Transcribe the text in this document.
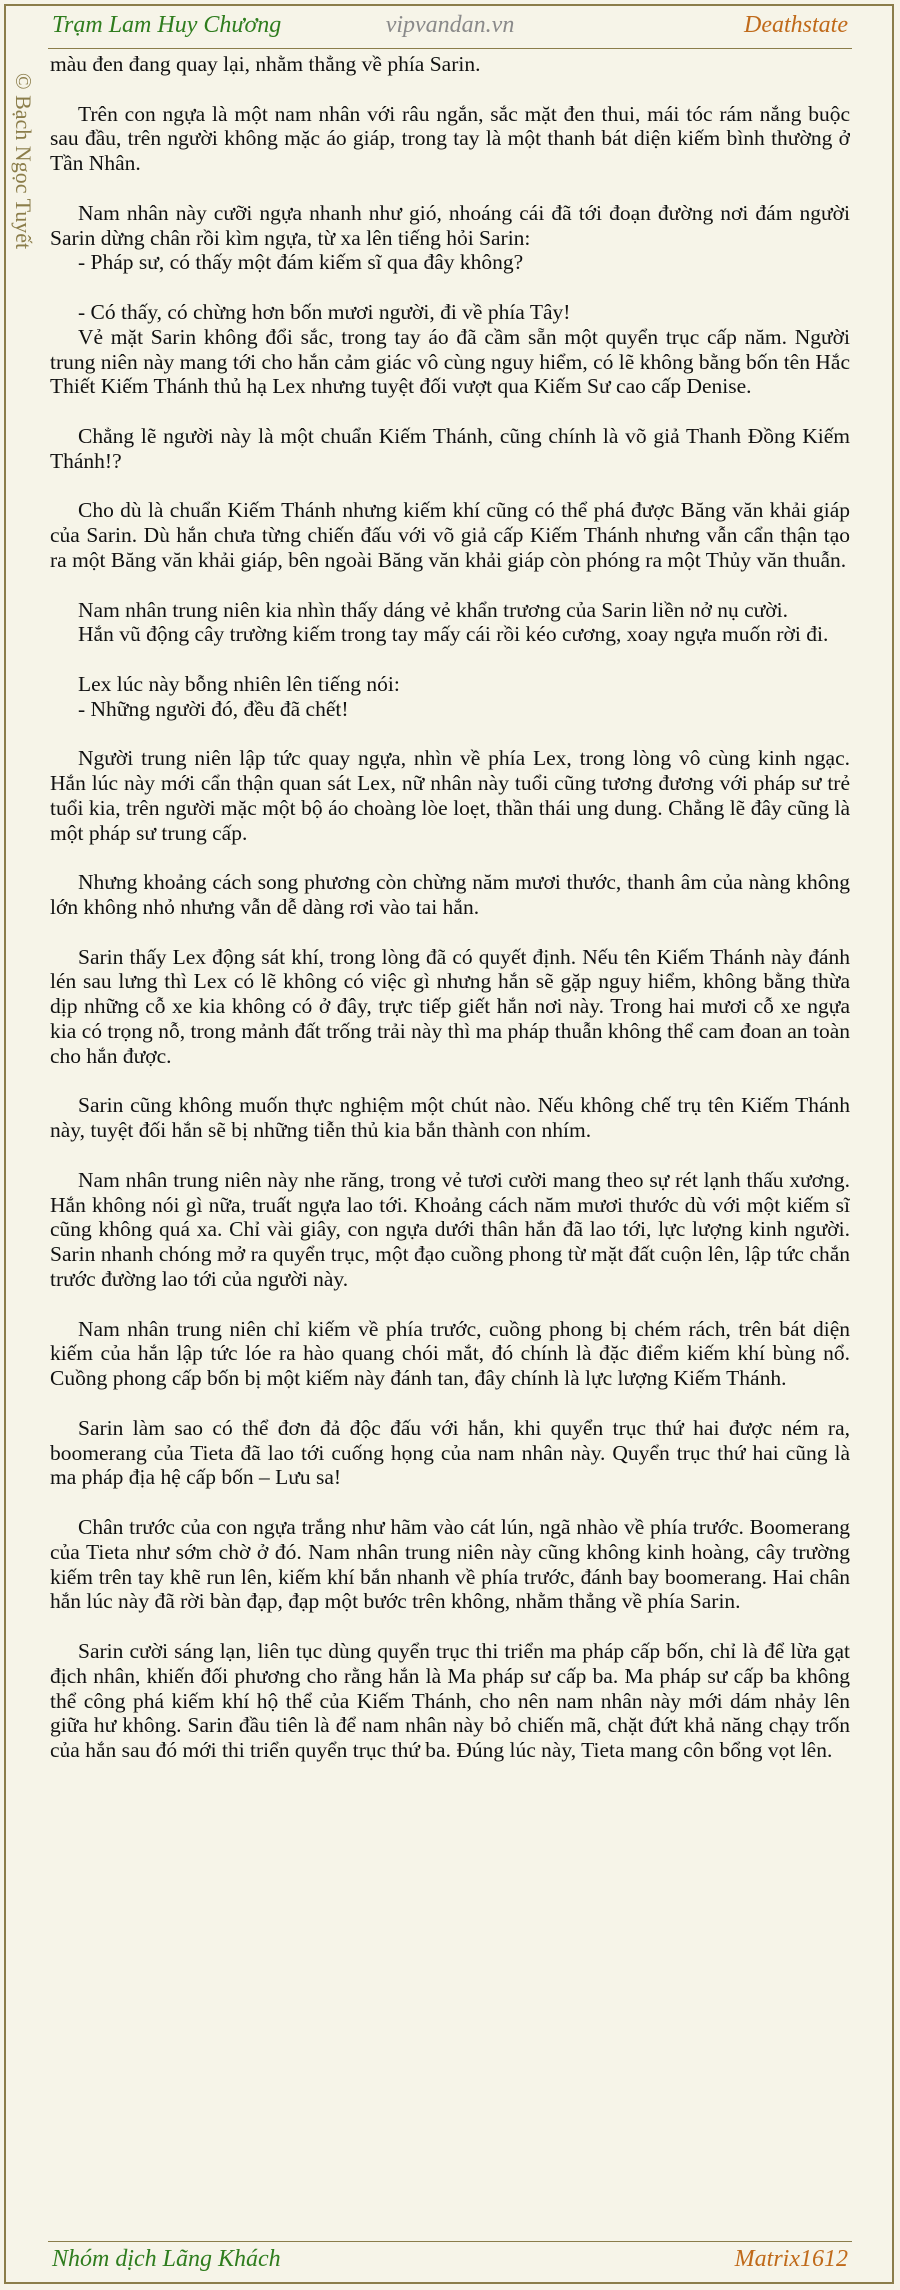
Trạm Lam Huy Chương	vipvandan.vn	Deathstate
© Bạch Ngọc Tuyết

màu đen đang quay lại, nhằm thẳng về phía Sarin.

Trên con ngựa là một nam nhân với râu ngắn, sắc mặt đen thui, mái tóc rám nắng buộc sau đầu, trên người không mặc áo giáp, trong tay là một thanh bát diện kiếm bình thường ở Tần Nhân.

Nam nhân này cưỡi ngựa nhanh như gió, nhoáng cái đã tới đoạn đường nơi đám người Sarin dừng chân rồi kìm ngựa, từ xa lên tiếng hỏi Sarin:

- Pháp sư, có thấy một đám kiếm sĩ qua đây không?

- Có thấy, có chừng hơn bốn mươi người, đi về phía Tây!

Vẻ mặt Sarin không đổi sắc, trong tay áo đã cầm sẵn một quyển trục cấp năm. Người trung niên này mang tới cho hắn cảm giác vô cùng nguy hiểm, có lẽ không bằng bốn tên Hắc Thiết Kiếm Thánh thủ hạ Lex nhưng tuyệt đối vượt qua Kiếm Sư cao cấp Denise.

Chẳng lẽ người này là một chuẩn Kiếm Thánh, cũng chính là võ giả Thanh Đồng Kiếm Thánh!?

Cho dù là chuẩn Kiếm Thánh nhưng kiếm khí cũng có thể phá được Băng văn khải giáp của Sarin. Dù hắn chưa từng chiến đấu với võ giả cấp Kiếm Thánh nhưng vẫn cẩn thận tạo ra một Băng văn khải giáp, bên ngoài Băng văn khải giáp còn phóng ra một Thủy văn thuẫn.

Nam nhân trung niên kia nhìn thấy dáng vẻ khẩn trương của Sarin liền nở nụ cười.

Hắn vũ động cây trường kiếm trong tay mấy cái rồi kéo cương, xoay ngựa muốn rời đi.

Lex lúc này bỗng nhiên lên tiếng nói:

- Những người đó, đều đã chết!

Người trung niên lập tức quay ngựa, nhìn về phía Lex, trong lòng vô cùng kinh ngạc. Hắn lúc này mới cẩn thận quan sát Lex, nữ nhân này tuổi cũng tương đương với pháp sư trẻ tuổi kia, trên người mặc một bộ áo choàng lòe loẹt, thần thái ung dung. Chẳng lẽ đây cũng là một pháp sư trung cấp.

Nhưng khoảng cách song phương còn chừng năm mươi thước, thanh âm của nàng không lớn không nhỏ nhưng vẫn dễ dàng rơi vào tai hắn.

Sarin thấy Lex động sát khí, trong lòng đã có quyết định. Nếu tên Kiếm Thánh này đánh lén sau lưng thì Lex có lẽ không có việc gì nhưng hắn sẽ gặp nguy hiểm, không bằng thừa dịp những cỗ xe kia không có ở đây, trực tiếp giết hắn nơi này. Trong hai mươi cỗ xe ngựa kia có trọng nỗ, trong mảnh đất trống trải này thì ma pháp thuẫn không thể cam đoan an toàn cho hắn được.

Sarin cũng không muốn thực nghiệm một chút nào. Nếu không chế trụ tên Kiếm Thánh này, tuyệt đối hắn sẽ bị những tiễn thủ kia bắn thành con nhím.

Nam nhân trung niên này nhe răng, trong vẻ tươi cười mang theo sự rét lạnh thấu xương. Hắn không nói gì nữa, truất ngựa lao tới. Khoảng cách năm mươi thước dù với một kiếm sĩ cũng không quá xa. Chỉ vài giây, con ngựa dưới thân hắn đã lao tới, lực lượng kinh người. Sarin nhanh chóng mở ra quyển trục, một đạo cuồng phong từ mặt đất cuộn lên, lập tức chắn trước đường lao tới của người này.

Nam nhân trung niên chỉ kiếm về phía trước, cuồng phong bị chém rách, trên bát diện kiếm của hắn lập tức lóe ra hào quang chói mắt, đó chính là đặc điểm kiếm khí bùng nổ. Cuồng phong cấp bốn bị một kiếm này đánh tan, đây chính là lực lượng Kiếm Thánh.

Sarin làm sao có thể đơn đả độc đấu với hắn, khi quyển trục thứ hai được ném ra, boomerang của Tieta đã lao tới cuống họng của nam nhân này. Quyển trục thứ hai cũng là ma pháp địa hệ cấp bốn – Lưu sa!

Chân trước của con ngựa trắng như hãm vào cát lún, ngã nhào về phía trước. Boomerang của Tieta như sớm chờ ở đó. Nam nhân trung niên này cũng không kinh hoàng, cây trường kiếm trên tay khẽ run lên, kiếm khí bắn nhanh về phía trước, đánh bay boomerang. Hai chân hắn lúc này đã rời bàn đạp, đạp một bước trên không, nhằm thẳng về phía Sarin.

Sarin cười sáng lạn, liên tục dùng quyển trục thi triển ma pháp cấp bốn, chỉ là để lừa gạt địch nhân, khiến đối phương cho rằng hắn là Ma pháp sư cấp ba. Ma pháp sư cấp ba không thể công phá kiếm khí hộ thể của Kiếm Thánh, cho nên nam nhân này mới dám nhảy lên giữa hư không. Sarin đầu tiên là để nam nhân này bỏ chiến mã, chặt đứt khả năng chạy trốn của hắn sau đó mới thi triển quyển trục thứ ba. Đúng lúc này, Tieta mang côn bổng vọt lên.

Nhóm dịch Lãng Khách	Matrix1612
